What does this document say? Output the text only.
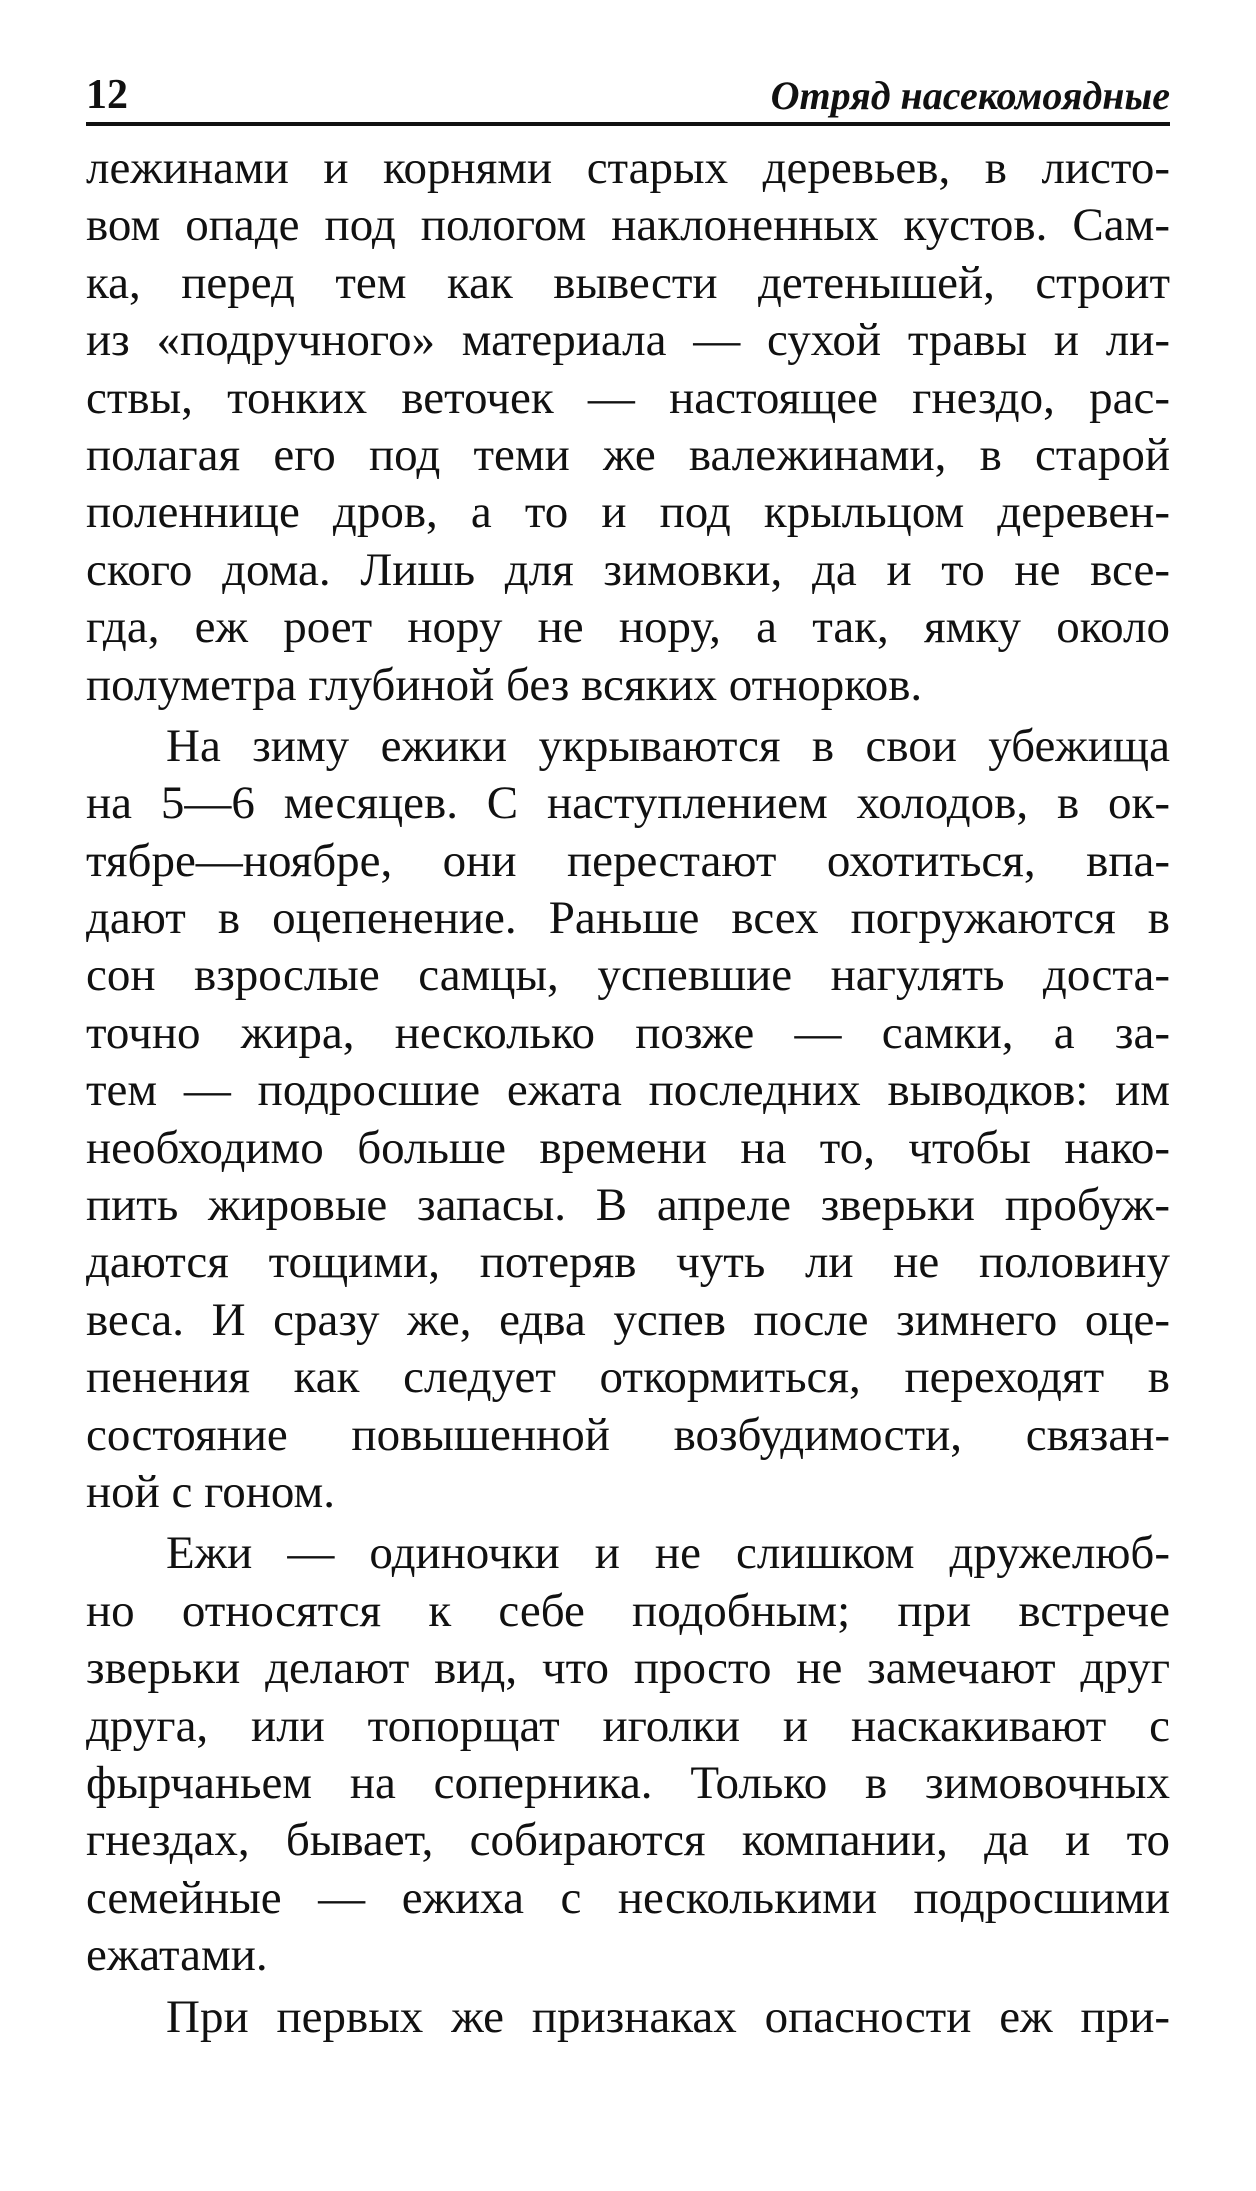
12	Отряд насекомоядные

лежинами и корнями старых деревьев, в листо-
вом опаде под пологом наклоненных кустов. Сам-
ка, перед тем как вывести детенышей, строит
из «подручного» материала — сухой травы и ли-
ствы, тонких веточек — настоящее гнездо, рас-
полагая его под теми же валежинами, в старой
поленнице дров, а то и под крыльцом деревен-
ского дома. Лишь для зимовки, да и то не все-
гда, еж роет нору не нору, а так, ямку около
полуметра глубиной без всяких отнорков.

На зиму ежики укрываются в свои убежища
на 5—6 месяцев. С наступлением холодов, в ок-
тябре—ноябре, они перестают охотиться, впа-
дают в оцепенение. Раньше всех погружаются в
сон взрослые самцы, успевшие нагулять доста-
точно жира, несколько позже — самки, а за-
тем — подросшие ежата последних выводков: им
необходимо больше времени на то, чтобы нако-
пить жировые запасы. В апреле зверьки пробуж-
даются тощими, потеряв чуть ли не половину
веса. И сразу же, едва успев после зимнего оце-
пенения как следует откормиться, переходят в
состояние повышенной возбудимости, связан-
ной с гоном.

Ежи — одиночки и не слишком дружелюб-
но относятся к себе подобным; при встрече
зверьки делают вид, что просто не замечают друг
друга, или топорщат иголки и наскакивают с
фырчаньем на соперника. Только в зимовочных
гнездах, бывает, собираются компании, да и то
семейные — ежиха с несколькими подросшими
ежатами.

При первых же признаках опасности еж при-
